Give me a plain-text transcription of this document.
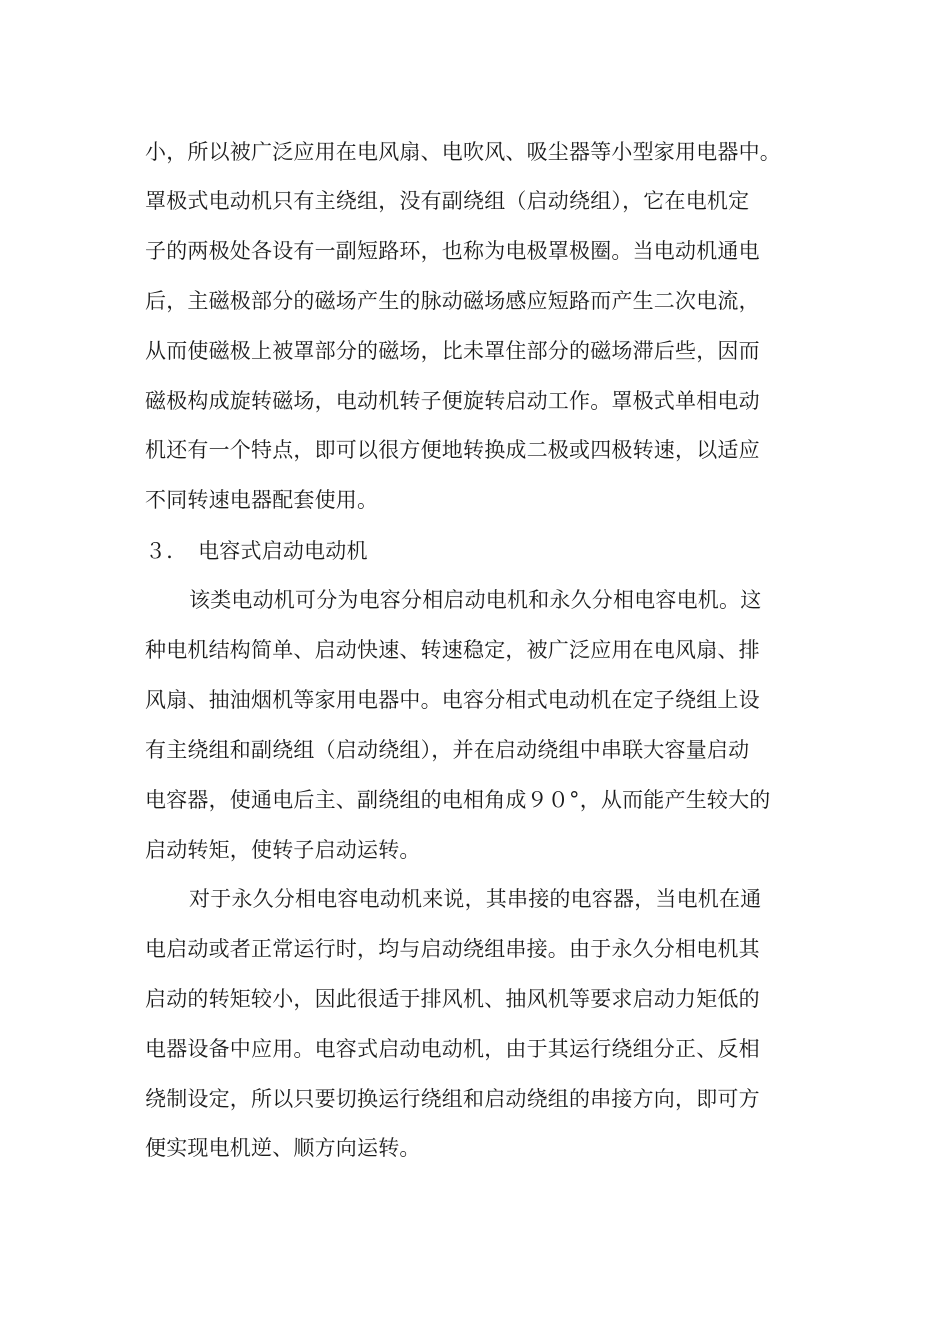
小，所以被广泛应用在电风扇、电吹风、吸尘器等小型家用电器中。
罩极式电动机只有主绕组，没有副绕组（启动绕组），它在电机定
子的两极处各设有一副短路环，也称为电极罩极圈。当电动机通电
后，主磁极部分的磁场产生的脉动磁场感应短路而产生二次电流，
从而使磁极上被罩部分的磁场，比未罩住部分的磁场滞后些，因而
磁极构成旋转磁场，电动机转子便旋转启动工作。罩极式单相电动
机还有一个特点，即可以很方便地转换成二极或四极转速，以适应
不同转速电器配套使用。
３．　电容式启动电动机
该类电动机可分为电容分相启动电机和永久分相电容电机。这
种电机结构简单、启动快速、转速稳定，被广泛应用在电风扇、排
风扇、抽油烟机等家用电器中。电容分相式电动机在定子绕组上设
有主绕组和副绕组（启动绕组），并在启动绕组中串联大容量启动
电容器，使通电后主、副绕组的电相角成９０°，从而能产生较大的
启动转矩，使转子启动运转。
对于永久分相电容电动机来说，其串接的电容器，当电机在通
电启动或者正常运行时，均与启动绕组串接。由于永久分相电机其
启动的转矩较小，因此很适于排风机、抽风机等要求启动力矩低的
电器设备中应用。电容式启动电动机，由于其运行绕组分正、反相
绕制设定，所以只要切换运行绕组和启动绕组的串接方向，即可方
便实现电机逆、顺方向运转。
